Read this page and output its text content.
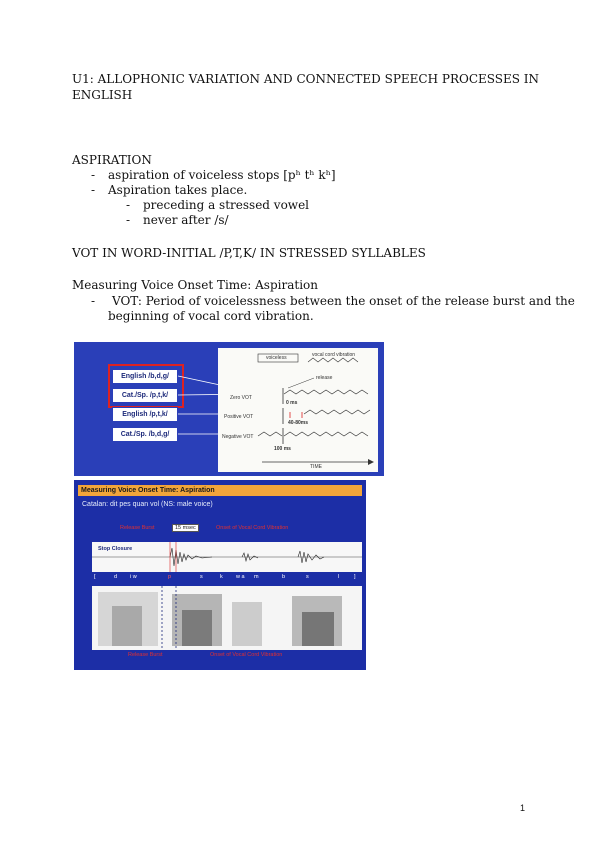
U1: ALLOPHONIC VARIATION AND CONNECTED SPEECH PROCESSES IN
ENGLISH
ASPIRATION
- aspiration of voiceless stops [pʰ tʰ kʰ]
- Aspiration takes place.
- preceding a stressed vowel
- never after /s/
VOT IN WORD-INITIAL /P,T,K/ IN STRESSED SYLLABLES
Measuring Voice Onset Time: Aspiration
- VOT: Period of voicelessness between the onset of the release burst and the
beginning of vocal cord vibration.
English /b,d,g/
Cat./Sp. /p,t,k/
English /p,t,k/
Cat./Sp. /b,d,g/
voiceless	vocal cord vibration
release
Zero VOT
0 ms
Positive VOT
40-80ms
Negative VOT
100 ms
TIME
Measuring Voice Onset Time: Aspiration
Catalan: dit pes quan vol (NS: male voice)
Release Burst	15 msec	Onset of Vocal Cord Vibration
Stop Closure
[	d i w	p	s	k w a m	b	s	l	]
Release Burst	Onset of Vocal Cord Vibration
1
